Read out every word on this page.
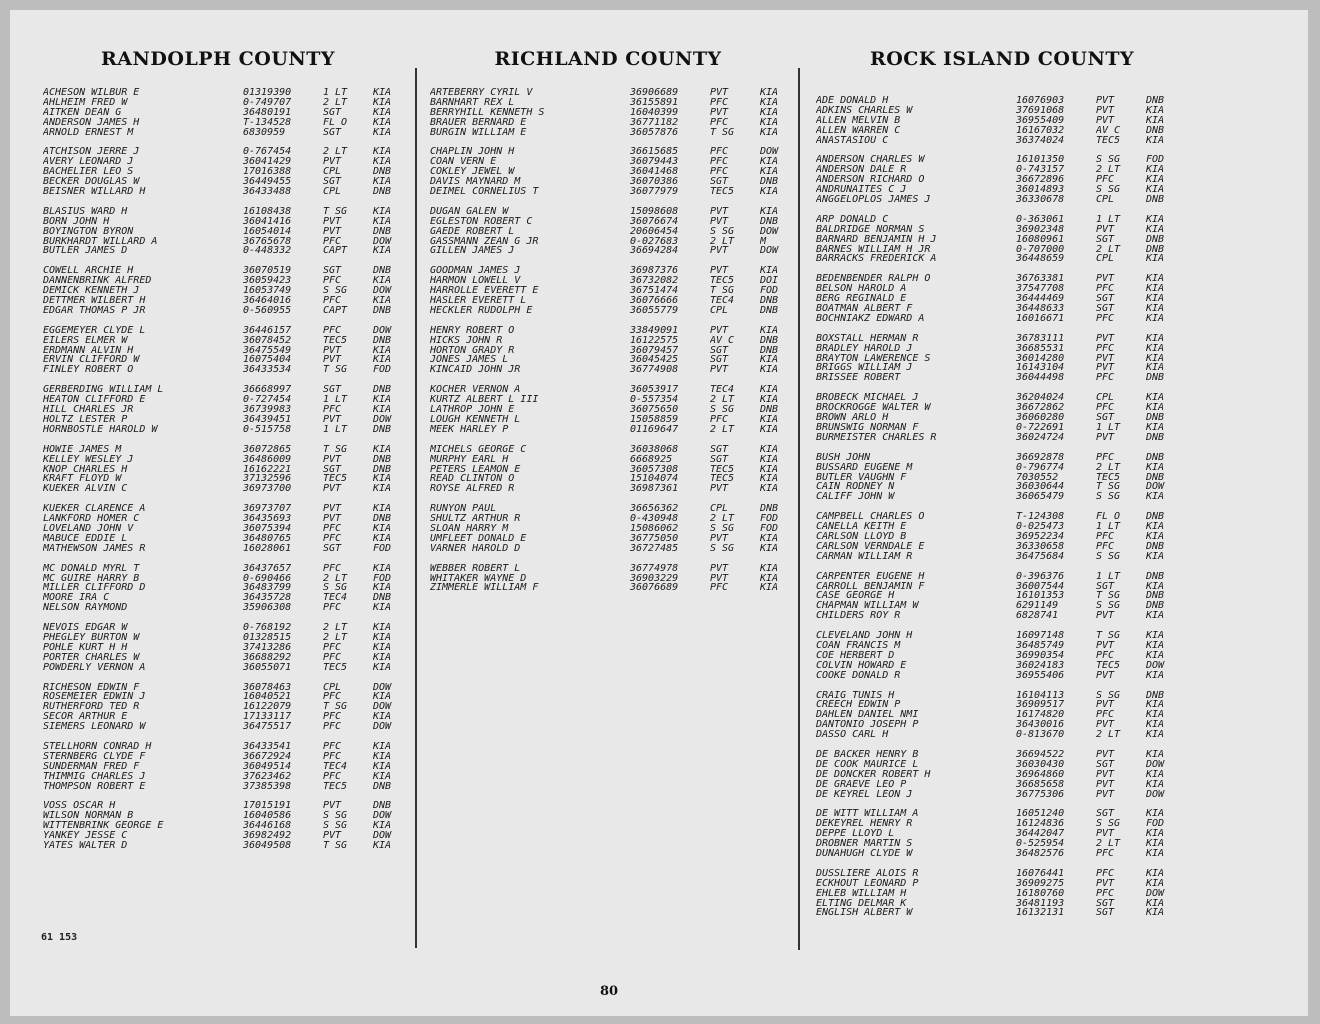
RANDOLPH COUNTY	RICHLAND COUNTY	ROCK ISLAND COUNTY
ACHESON WILBUR E	01319390	1 LT	KIA
AHLHEIM FRED W	0-749707	2 LT	KIA
AITKEN DEAN G	36480191	SGT	KIA
ANDERSON JAMES H	T-134528	FL O	KIA
ARNOLD ERNEST M	6830959	SGT	KIA
ATCHISON JERRE J	0-767454	2 LT	KIA
AVERY LEONARD J	36041429	PVT	KIA
BACHELIER LEO S	17016388	CPL	DNB
BECKER DOUGLAS W	36449455	SGT	KIA
BEISNER WILLARD H	36433488	CPL	DNB
BLASIUS WARD H	16108438	T SG	KIA
BORN JOHN H	36041416	PVT	KIA
BOYINGTON BYRON	16054014	PVT	DNB
BURKHARDT WILLARD A	36765678	PFC	DOW
BUTLER JAMES D	0-448332	CAPT	KIA
COWELL ARCHIE H	36070519	SGT	DNB
DANNENBRINK ALFRED	36059423	PFC	KIA
DEMICK KENNETH J	16053749	S SG	DOW
DETTMER WILBERT H	36464016	PFC	KIA
EDGAR THOMAS P JR	0-560955	CAPT	DNB
EGGEMEYER CLYDE L	36446157	PFC	DOW
EILERS ELMER W	36078452	TEC5	DNB
ERDMANN ALVIN H	36475549	PVT	KIA
ERVIN CLIFFORD W	16075404	PVT	KIA
FINLEY ROBERT O	36433534	T SG	FOD
GERBERDING WILLIAM L	36668997	SGT	DNB
HEATON CLIFFORD E	0-727454	1 LT	KIA
HILL CHARLES JR	36739983	PFC	KIA
HOLTZ LESTER P	36439451	PVT	DOW
HORNBOSTLE HAROLD W	0-515758	1 LT	DNB
HOWIE JAMES M	36072865	T SG	KIA
KELLEY WESLEY J	36486009	PVT	DNB
KNOP CHARLES H	16162221	SGT	DNB
KRAFT FLOYD W	37132596	TEC5	KIA
KUEKER ALVIN C	36973700	PVT	KIA
KUEKER CLARENCE A	36973707	PVT	KIA
LANKFORD HOMER C	36435693	PVT	DNB
LOVELAND JOHN V	36075394	PFC	KIA
MABUCE EDDIE L	36480765	PFC	KIA
MATHEWSON JAMES R	16028061	SGT	FOD
MC DONALD MYRL T	36437657	PFC	KIA
MC GUIRE HARRY B	0-690466	2 LT	FOD
MILLER CLIFFORD D	36483799	S SG	KIA
MOORE IRA C	36435728	TEC4	DNB
NELSON RAYMOND	35906308	PFC	KIA
NEVOIS EDGAR W	0-768192	2 LT	KIA
PHEGLEY BURTON W	01328515	2 LT	KIA
POHLE KURT H H	37413286	PFC	KIA
PORTER CHARLES W	36688292	PFC	KIA
POWDERLY VERNON A	36055071	TEC5	KIA
RICHESON EDWIN F	36078463	CPL	DOW
ROSEMEIER EDWIN J	16040521	PFC	KIA
RUTHERFORD TED R	16122079	T SG	DOW
SECOR ARTHUR E	17133117	PFC	KIA
SIEMERS LEONARD W	36475517	PFC	DOW
STELLHORN CONRAD H	36433541	PFC	KIA
STERNBERG CLYDE F	36672924	PFC	KIA
SUNDERMAN FRED F	36049514	TEC4	KIA
THIMMIG CHARLES J	37623462	PFC	KIA
THOMPSON ROBERT E	37385398	TEC5	DNB
VOSS OSCAR H	17015191	PVT	DNB
WILSON NORMAN B	16040586	S SG	DOW
WITTENBRINK GEORGE E	36446168	S SG	KIA
YANKEY JESSE C	36982492	PVT	DOW
YATES WALTER D	36049508	T SG	KIA
ARTEBERRY CYRIL V	36906689	PVT	KIA
BARNHART REX L	36155891	PFC	KIA
BERRYHILL KENNETH S	16040399	PVT	KIA
BRAUER BERNARD E	36771182	PFC	KIA
BURGIN WILLIAM E	36057876	T SG	KIA
CHAPLIN JOHN H	36615685	PFC	DOW
COAN VERN E	36079443	PFC	KIA
COKLEY JEWEL W	36041468	PFC	KIA
DAVIS MAYNARD M	36070386	SGT	DNB
DEIMEL CORNELIUS T	36077979	TEC5	KIA
DUGAN GALEN W	15098608	PVT	KIA
EGLESTON ROBERT C	36076674	PVT	DNB
GAEDE ROBERT L	20606454	S SG	DOW
GASSMANN ZEAN G JR	0-027683	2 LT	M
GILLEN JAMES J	36694284	PVT	DOW
GOODMAN JAMES J	36987376	PVT	KIA
HARMON LOWELL V	36732082	TEC5	DOI
HARROLLE EVERETT E	36751474	T SG	FOD
HASLER EVERETT L	36076666	TEC4	DNB
HECKLER RUDOLPH E	36055779	CPL	DNB
HENRY ROBERT O	33849091	PVT	KIA
HICKS JOHN R	16122575	AV C	DNB
HORTON GRADY R	36079457	SGT	DNB
JONES JAMES L	36045425	SGT	KIA
KINCAID JOHN JR	36774908	PVT	KIA
KOCHER VERNON A	36053917	TEC4	KIA
KURTZ ALBERT L III	0-557354	2 LT	KIA
LATHROP JOHN E	36075650	S SG	DNB
LOUGH KENNETH L	15058859	PFC	KIA
MEEK HARLEY P	01169647	2 LT	KIA
MICHELS GEORGE C	36038068	SGT	KIA
MURPHY EARL H	6668925	SGT	KIA
PETERS LEAMON E	36057308	TEC5	KIA
READ CLINTON O	15104074	TEC5	KIA
ROYSE ALFRED R	36987361	PVT	KIA
RUNYON PAUL	36656362	CPL	DNB
SHULTZ ARTHUR R	0-430948	2 LT	FOD
SLOAN HARRY M	15086062	S SG	FOD
UMFLEET DONALD E	36775050	PVT	KIA
VARNER HAROLD D	36727485	S SG	KIA
WEBBER ROBERT L	36774978	PVT	KIA
WHITAKER WAYNE D	36903229	PVT	KIA
ZIMMERLE WILLIAM F	36076689	PFC	KIA
ADE DONALD H	16076903	PVT	DNB
ADKINS CHARLES W	37691068	PVT	KIA
ALLEN MELVIN B	36955409	PVT	KIA
ALLEN WARREN C	16167032	AV C	DNB
ANASTASIOU C	36374024	TEC5	KIA
ANDERSON CHARLES W	16101350	S SG	FOD
ANDERSON DALE R	0-743157	2 LT	KIA
ANDERSON RICHARD O	36672896	PFC	KIA
ANDRUNAITES C J	36014893	S SG	KIA
ANGGELOPLOS JAMES J	36330678	CPL	DNB
ARP DONALD C	0-363061	1 LT	KIA
BALDRIDGE NORMAN S	36902348	PVT	KIA
BARNARD BENJAMIN H J	16080961	SGT	DNB
BARNES WILLIAM H JR	0-707000	2 LT	DNB
BARRACKS FREDERICK A	36448659	CPL	KIA
BEDENBENDER RALPH O	36763381	PVT	KIA
BELSON HAROLD A	37547708	PFC	KIA
BERG REGINALD E	36444469	SGT	KIA
BOATMAN ALBERT F	36448633	SGT	KIA
BOCHNIAKZ EDWARD A	16016671	PFC	KIA
BOXSTALL HERMAN R	36783111	PVT	KIA
BRADLEY HAROLD J	36685531	PFC	KIA
BRAYTON LAWERENCE S	36014280	PVT	KIA
BRIGGS WILLIAM J	16143104	PVT	KIA
BRISSEE ROBERT	36044498	PFC	DNB
BROBECK MICHAEL J	36204024	CPL	KIA
BROCKROGGE WALTER W	36672862	PFC	KIA
BROWN ARLO H	36060280	SGT	DNB
BRUNSWIG NORMAN F	0-722691	1 LT	KIA
BURMEISTER CHARLES R	36024724	PVT	DNB
BUSH JOHN	36692878	PFC	DNB
BUSSARD EUGENE M	0-796774	2 LT	KIA
BUTLER VAUGHN F	7030552	TEC5	DNB
CAIN RODNEY N	36030644	T SG	DOW
CALIFF JOHN W	36065479	S SG	KIA
CAMPBELL CHARLES O	T-124308	FL O	DNB
CANELLA KEITH E	0-025473	1 LT	KIA
CARLSON LLOYD B	36952234	PFC	KIA
CARLSON VERNDALE E	36330658	PFC	DNB
CARMAN WILLIAM R	36475684	S SG	KIA
CARPENTER EUGENE H	0-396376	1 LT	DNB
CARROLL BENJAMIN F	36007544	SGT	KIA
CASE GEORGE H	16101353	T SG	DNB
CHAPMAN WILLIAM W	6291149	S SG	DNB
CHILDERS ROY R	6828741	PVT	KIA
CLEVELAND JOHN H	16097148	T SG	KIA
COAN FRANCIS M	36485749	PVT	KIA
COE HERBERT D	36990354	PFC	KIA
COLVIN HOWARD E	36024183	TEC5	DOW
COOKE DONALD R	36955406	PVT	KIA
CRAIG TUNIS H	16104113	S SG	DNB
CREECH EDWIN P	36909517	PVT	KIA
DAHLEN DANIEL NMI	16174820	PFC	KIA
DANTONIO JOSEPH P	36430016	PVT	KIA
DASSO CARL H	0-813670	2 LT	KIA
DE BACKER HENRY B	36694522	PVT	KIA
DE COOK MAURICE L	36030430	SGT	DOW
DE DONCKER ROBERT H	36964860	PVT	KIA
DE GRAEVE LEO P	36685658	PVT	KIA
DE KEYREL LEON J	36775306	PVT	DOW
DE WITT WILLIAM A	16051240	SGT	KIA
DEKEYREL HENRY R	16124836	S SG	FOD
DEPPE LLOYD L	36442047	PVT	KIA
DROBNER MARTIN S	0-525954	2 LT	KIA
DUNAHUGH CLYDE W	36482576	PFC	KIA
DUSSLIERE ALOIS R	16076441	PFC	KIA
ECKHOUT LEONARD P	36909275	PVT	KIA
EHLEB WILLIAM H	16180760	PFC	DOW
ELTING DELMAR K	36481193	SGT	KIA
ENGLISH ALBERT W	16132131	SGT	KIA
61 153
80
